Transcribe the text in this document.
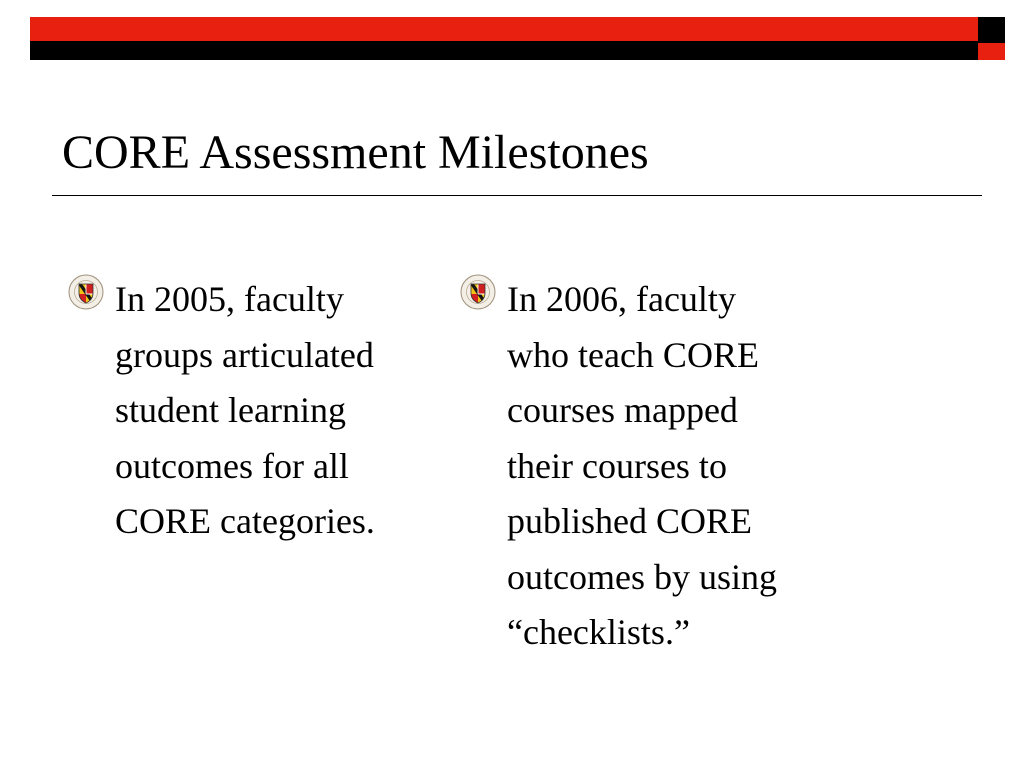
CORE Assessment Milestones

In 2005, faculty
groups articulated
student learning
outcomes for all
CORE categories.

In 2006, faculty
who teach CORE
courses mapped
their courses to
published CORE
outcomes by using
“checklists.”
